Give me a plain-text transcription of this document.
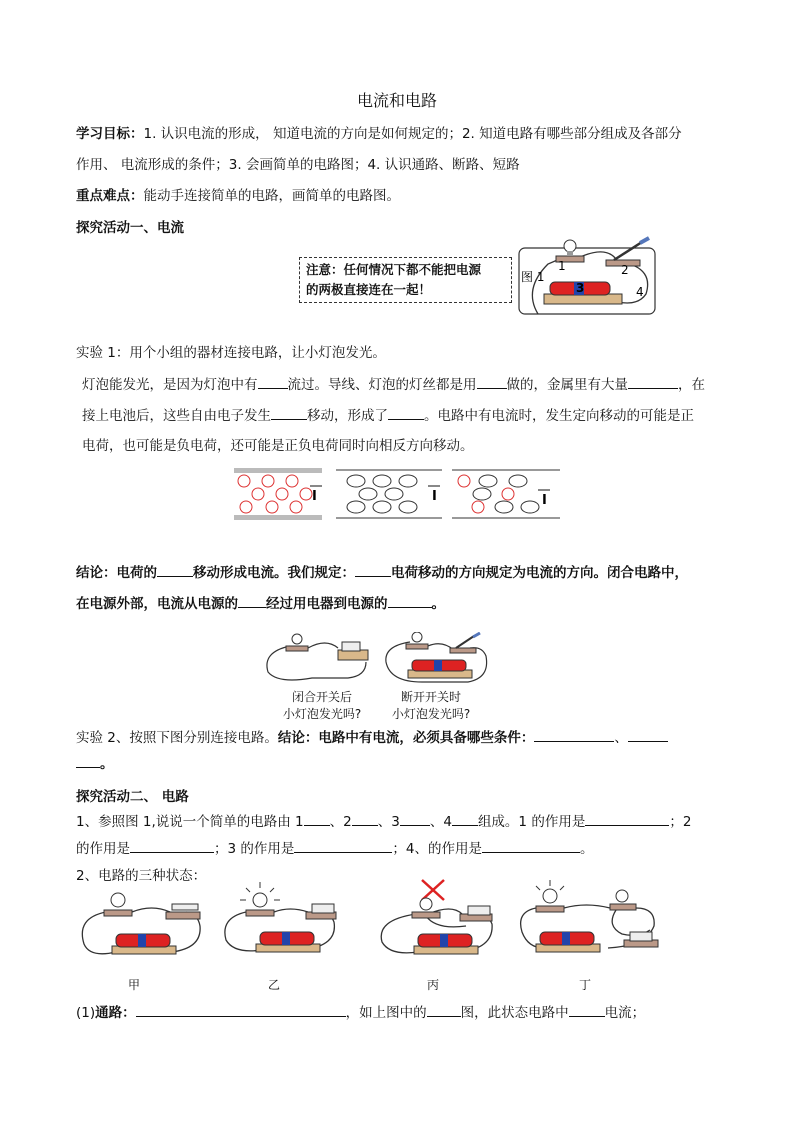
电流和电路
学习目标：1. 认识电流的形成， 知道电流的方向是如何规定的；2. 知道电路有哪些部分组成及各部分
作用、 电流形成的条件；3. 会画简单的电路图；4. 认识通路、断路、短路
重点难点：能动手连接简单的电路，画简单的电路图。
探究活动一、电流
注意：任何情况下都不能把电源
的两极直接连在一起！
图 1
1	2
3	4
实验 1：用个小组的器材连接电路，让小灯泡发光。
灯泡能发光，是因为灯泡中有 流过。导线、灯泡的灯丝都是用 做的，金属里有大量	，在
接上电池后，这些自由电子发生	移动，形成了	。电路中有电流时，发生定向移动的可能是正
电荷，也可能是负电荷，还可能是正负电荷同时向相反方向移动。
I	I	I
结论：电荷的	移动形成电流。我们规定：	电荷移动的方向规定为电流的方向。闭合电路中，
在电源外部，电流从电源的 经过用电器到电源的	。
闭合开关后
小灯泡发光吗?
断开开关时
小灯泡发光吗?
实验 2、按照下图分别连接电路。结论：电路中有电流，必须具备哪些条件：	、
。
探究活动二、 电路
1、参照图 1,说说一个简单的电路由 1 、2 、3 、4 组成。1 的作用是	；2
的作用是	；3 的作用是	；4、的作用是	。
2、电路的三种状态：
甲	乙	丙	丁
(1)通路：	，如上图中的	图，此状态电路中	电流；
